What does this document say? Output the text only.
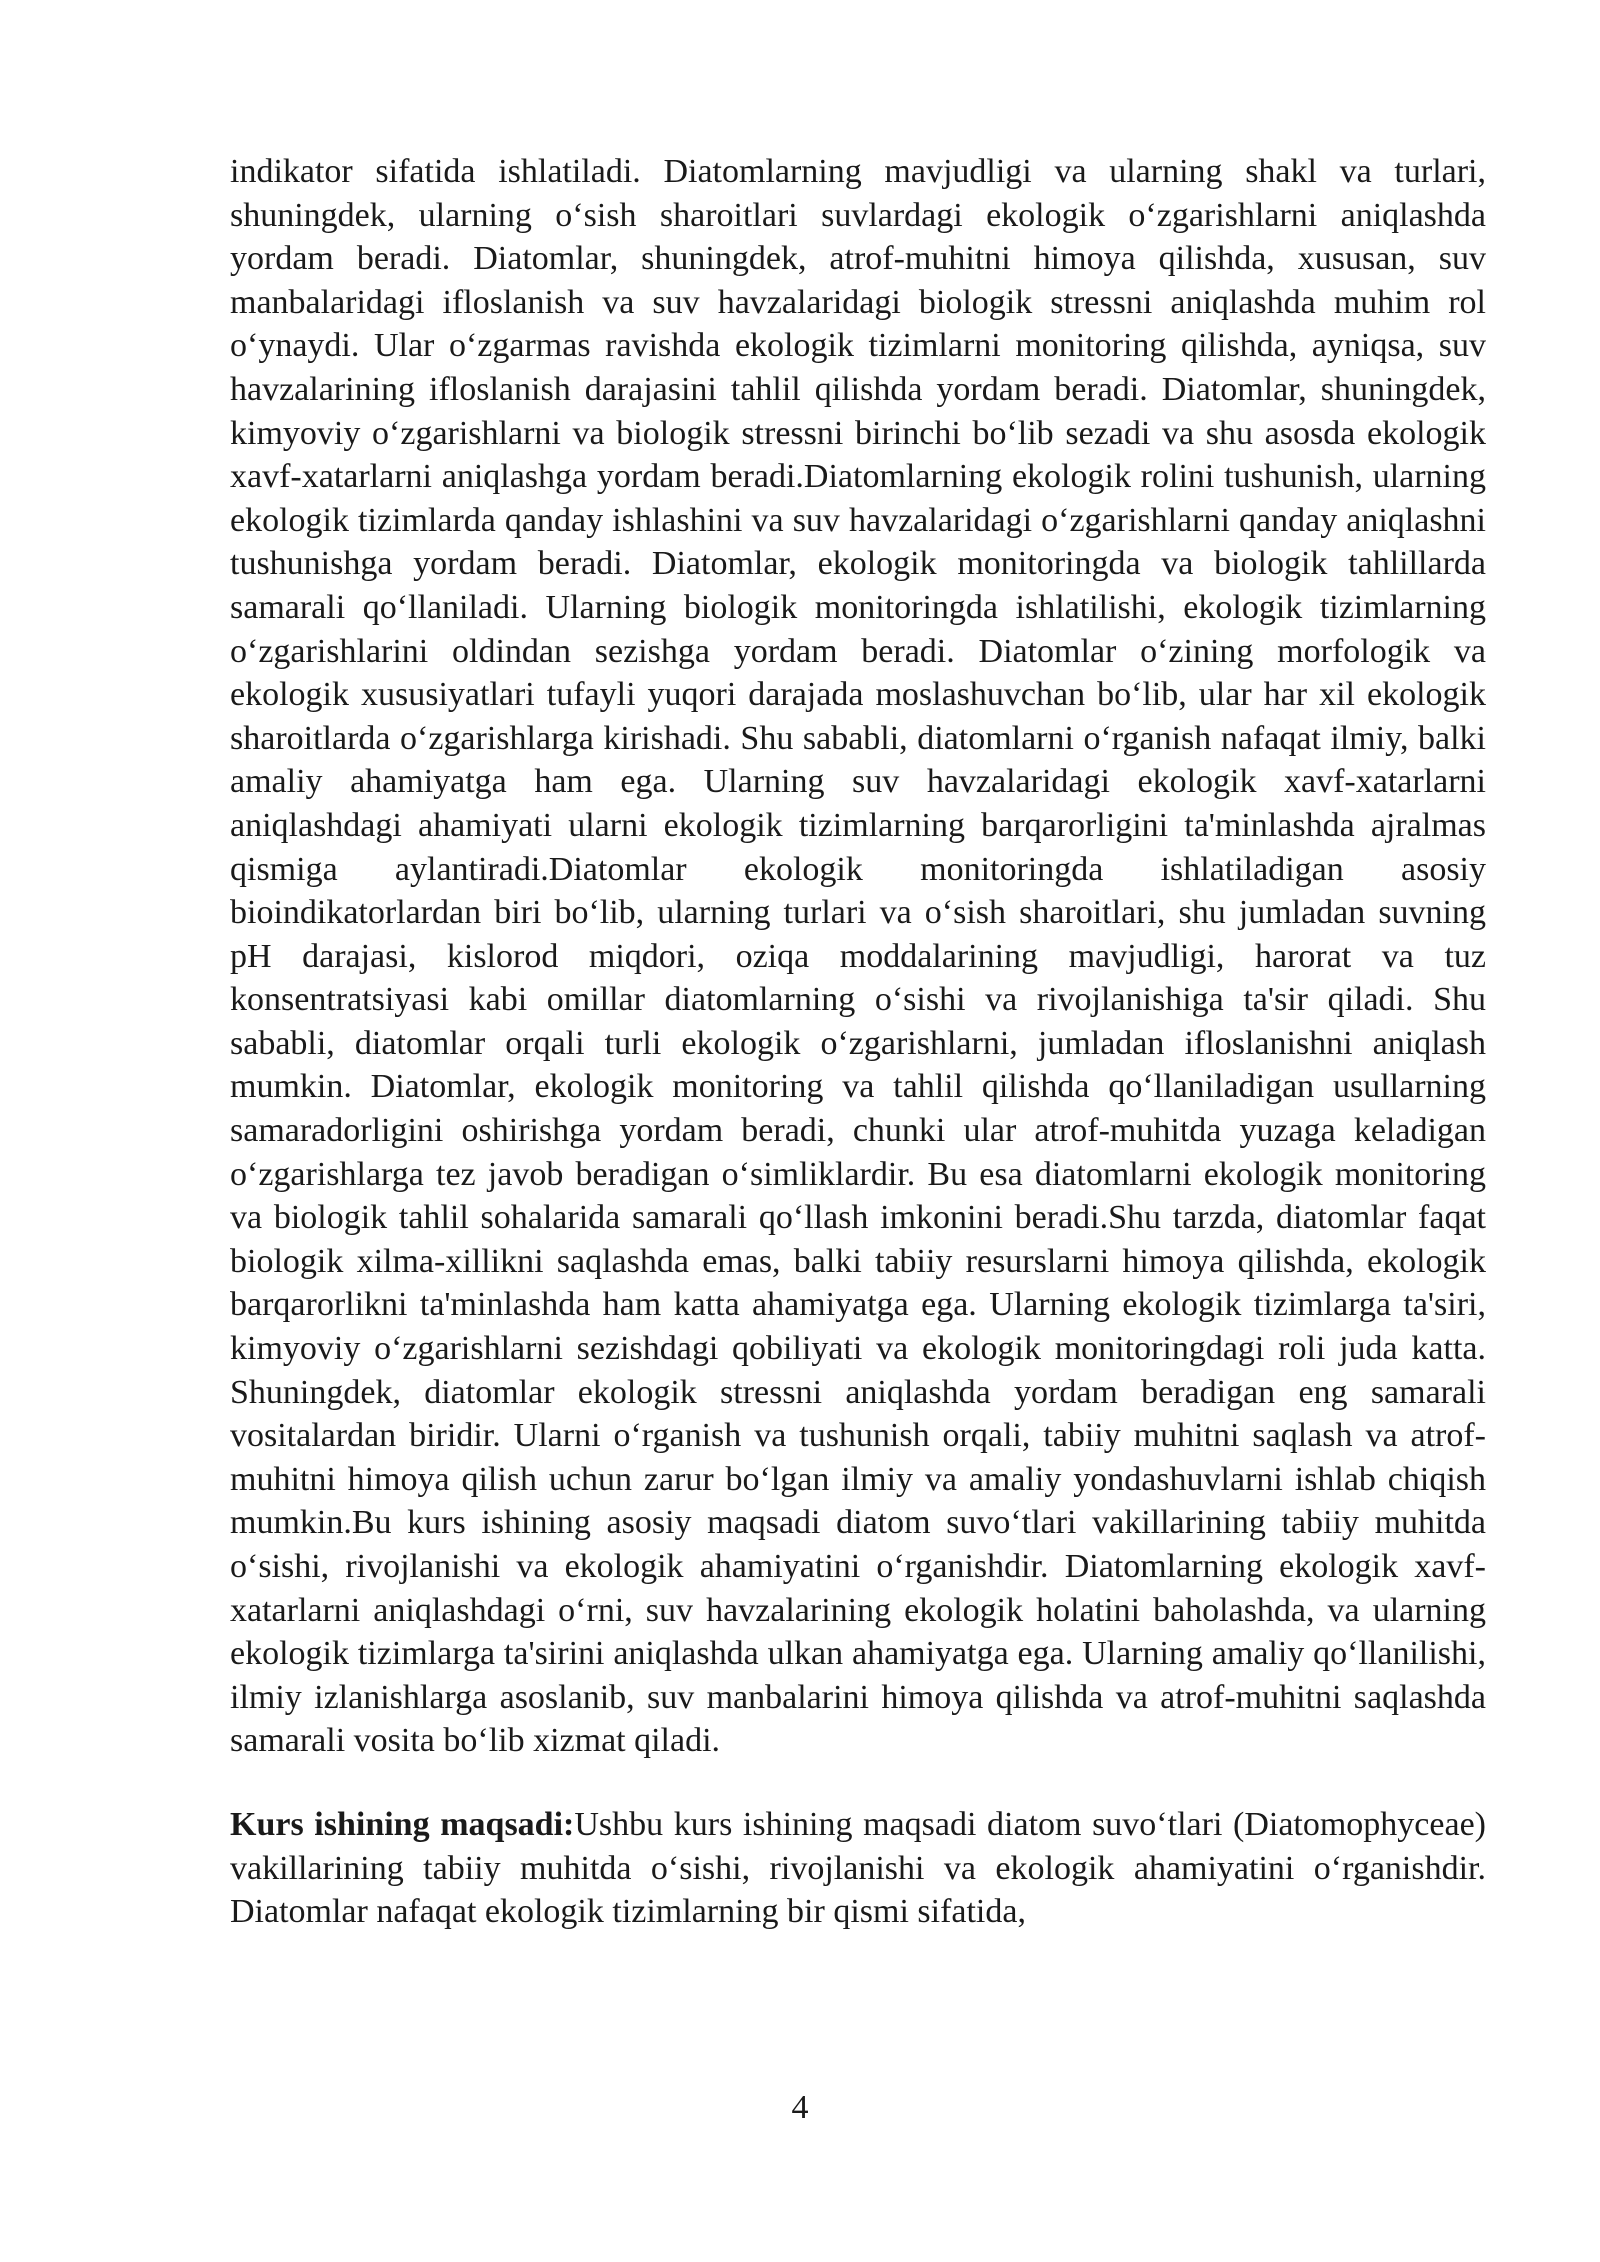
indikator sifatida ishlatiladi. Diatomlarning mavjudligi va ularning shakl va turlari, shuningdek, ularning o‘sish sharoitlari suvlardagi ekologik o‘zgarishlarni aniqlashda yordam beradi. Diatomlar, shuningdek, atrof-muhitni himoya qilishda, xususan, suv manbalaridagi ifloslanish va suv havzalaridagi biologik stressni aniqlashda muhim rol o‘ynaydi. Ular o‘zgarmas ravishda ekologik tizimlarni monitoring qilishda, ayniqsa, suv havzalarining ifloslanish darajasini tahlil qilishda yordam beradi. Diatomlar, shuningdek, kimyoviy o‘zgarishlarni va biologik stressni birinchi bo‘lib sezadi va shu asosda ekologik xavf-xatarlarni aniqlashga yordam beradi.Diatomlarning ekologik rolini tushunish, ularning ekologik tizimlarda qanday ishlashini va suv havzalaridagi o‘zgarishlarni qanday aniqlashni tushunishga yordam beradi. Diatomlar, ekologik monitoringda va biologik tahlillarda samarali qo‘llaniladi. Ularning biologik monitoringda ishlatilishi, ekologik tizimlarning o‘zgarishlarini oldindan sezishga yordam beradi. Diatomlar o‘zining morfologik va ekologik xususiyatlari tufayli yuqori darajada moslashuvchan bo‘lib, ular har xil ekologik sharoitlarda o‘zgarishlarga kirishadi. Shu sababli, diatomlarni o‘rganish nafaqat ilmiy, balki amaliy ahamiyatga ham ega. Ularning suv havzalaridagi ekologik xavf-xatarlarni aniqlashdagi ahamiyati ularni ekologik tizimlarning barqarorligini ta'minlashda ajralmas qismiga aylantiradi.Diatomlar ekologik monitoringda ishlatiladigan asosiy bioindikatorlardan biri bo‘lib, ularning turlari va o‘sish sharoitlari, shu jumladan suvning pH darajasi, kislorod miqdori, oziqa moddalarining mavjudligi, harorat va tuz konsentratsiyasi kabi omillar diatomlarning o‘sishi va rivojlanishiga ta'sir qiladi. Shu sababli, diatomlar orqali turli ekologik o‘zgarishlarni, jumladan ifloslanishni aniqlash mumkin. Diatomlar, ekologik monitoring va tahlil qilishda qo‘llaniladigan usullarning samaradorligini oshirishga yordam beradi, chunki ular atrof-muhitda yuzaga keladigan o‘zgarishlarga tez javob beradigan o‘simliklardir. Bu esa diatomlarni ekologik monitoring va biologik tahlil sohalarida samarali qo‘llash imkonini beradi.Shu tarzda, diatomlar faqat biologik xilma-xillikni saqlashda emas, balki tabiiy resurslarni himoya qilishda, ekologik barqarorlikni ta'minlashda ham katta ahamiyatga ega. Ularning ekologik tizimlarga ta'siri, kimyoviy o‘zgarishlarni sezishdagi qobiliyati va ekologik monitoringdagi roli juda katta. Shuningdek, diatomlar ekologik stressni aniqlashda yordam beradigan eng samarali vositalardan biridir. Ularni o‘rganish va tushunish orqali, tabiiy muhitni saqlash va atrof-muhitni himoya qilish uchun zarur bo‘lgan ilmiy va amaliy yondashuvlarni ishlab chiqish mumkin.Bu kurs ishining asosiy maqsadi diatom suvo‘tlari vakillarining tabiiy muhitda o‘sishi, rivojlanishi va ekologik ahamiyatini o‘rganishdir. Diatomlarning ekologik xavf-xatarlarni aniqlashdagi o‘rni, suv havzalarining ekologik holatini baholashda, va ularning ekologik tizimlarga ta'sirini aniqlashda ulkan ahamiyatga ega. Ularning amaliy qo‘llanilishi, ilmiy izlanishlarga asoslanib, suv manbalarini himoya qilishda va atrof-muhitni saqlashda samarali vosita bo‘lib xizmat qiladi.

Kurs ishining maqsadi:Ushbu kurs ishining maqsadi diatom suvo‘tlari (Diatomophyceae) vakillarining tabiiy muhitda o‘sishi, rivojlanishi va ekologik ahamiyatini o‘rganishdir. Diatomlar nafaqat ekologik tizimlarning bir qismi sifatida,

4
